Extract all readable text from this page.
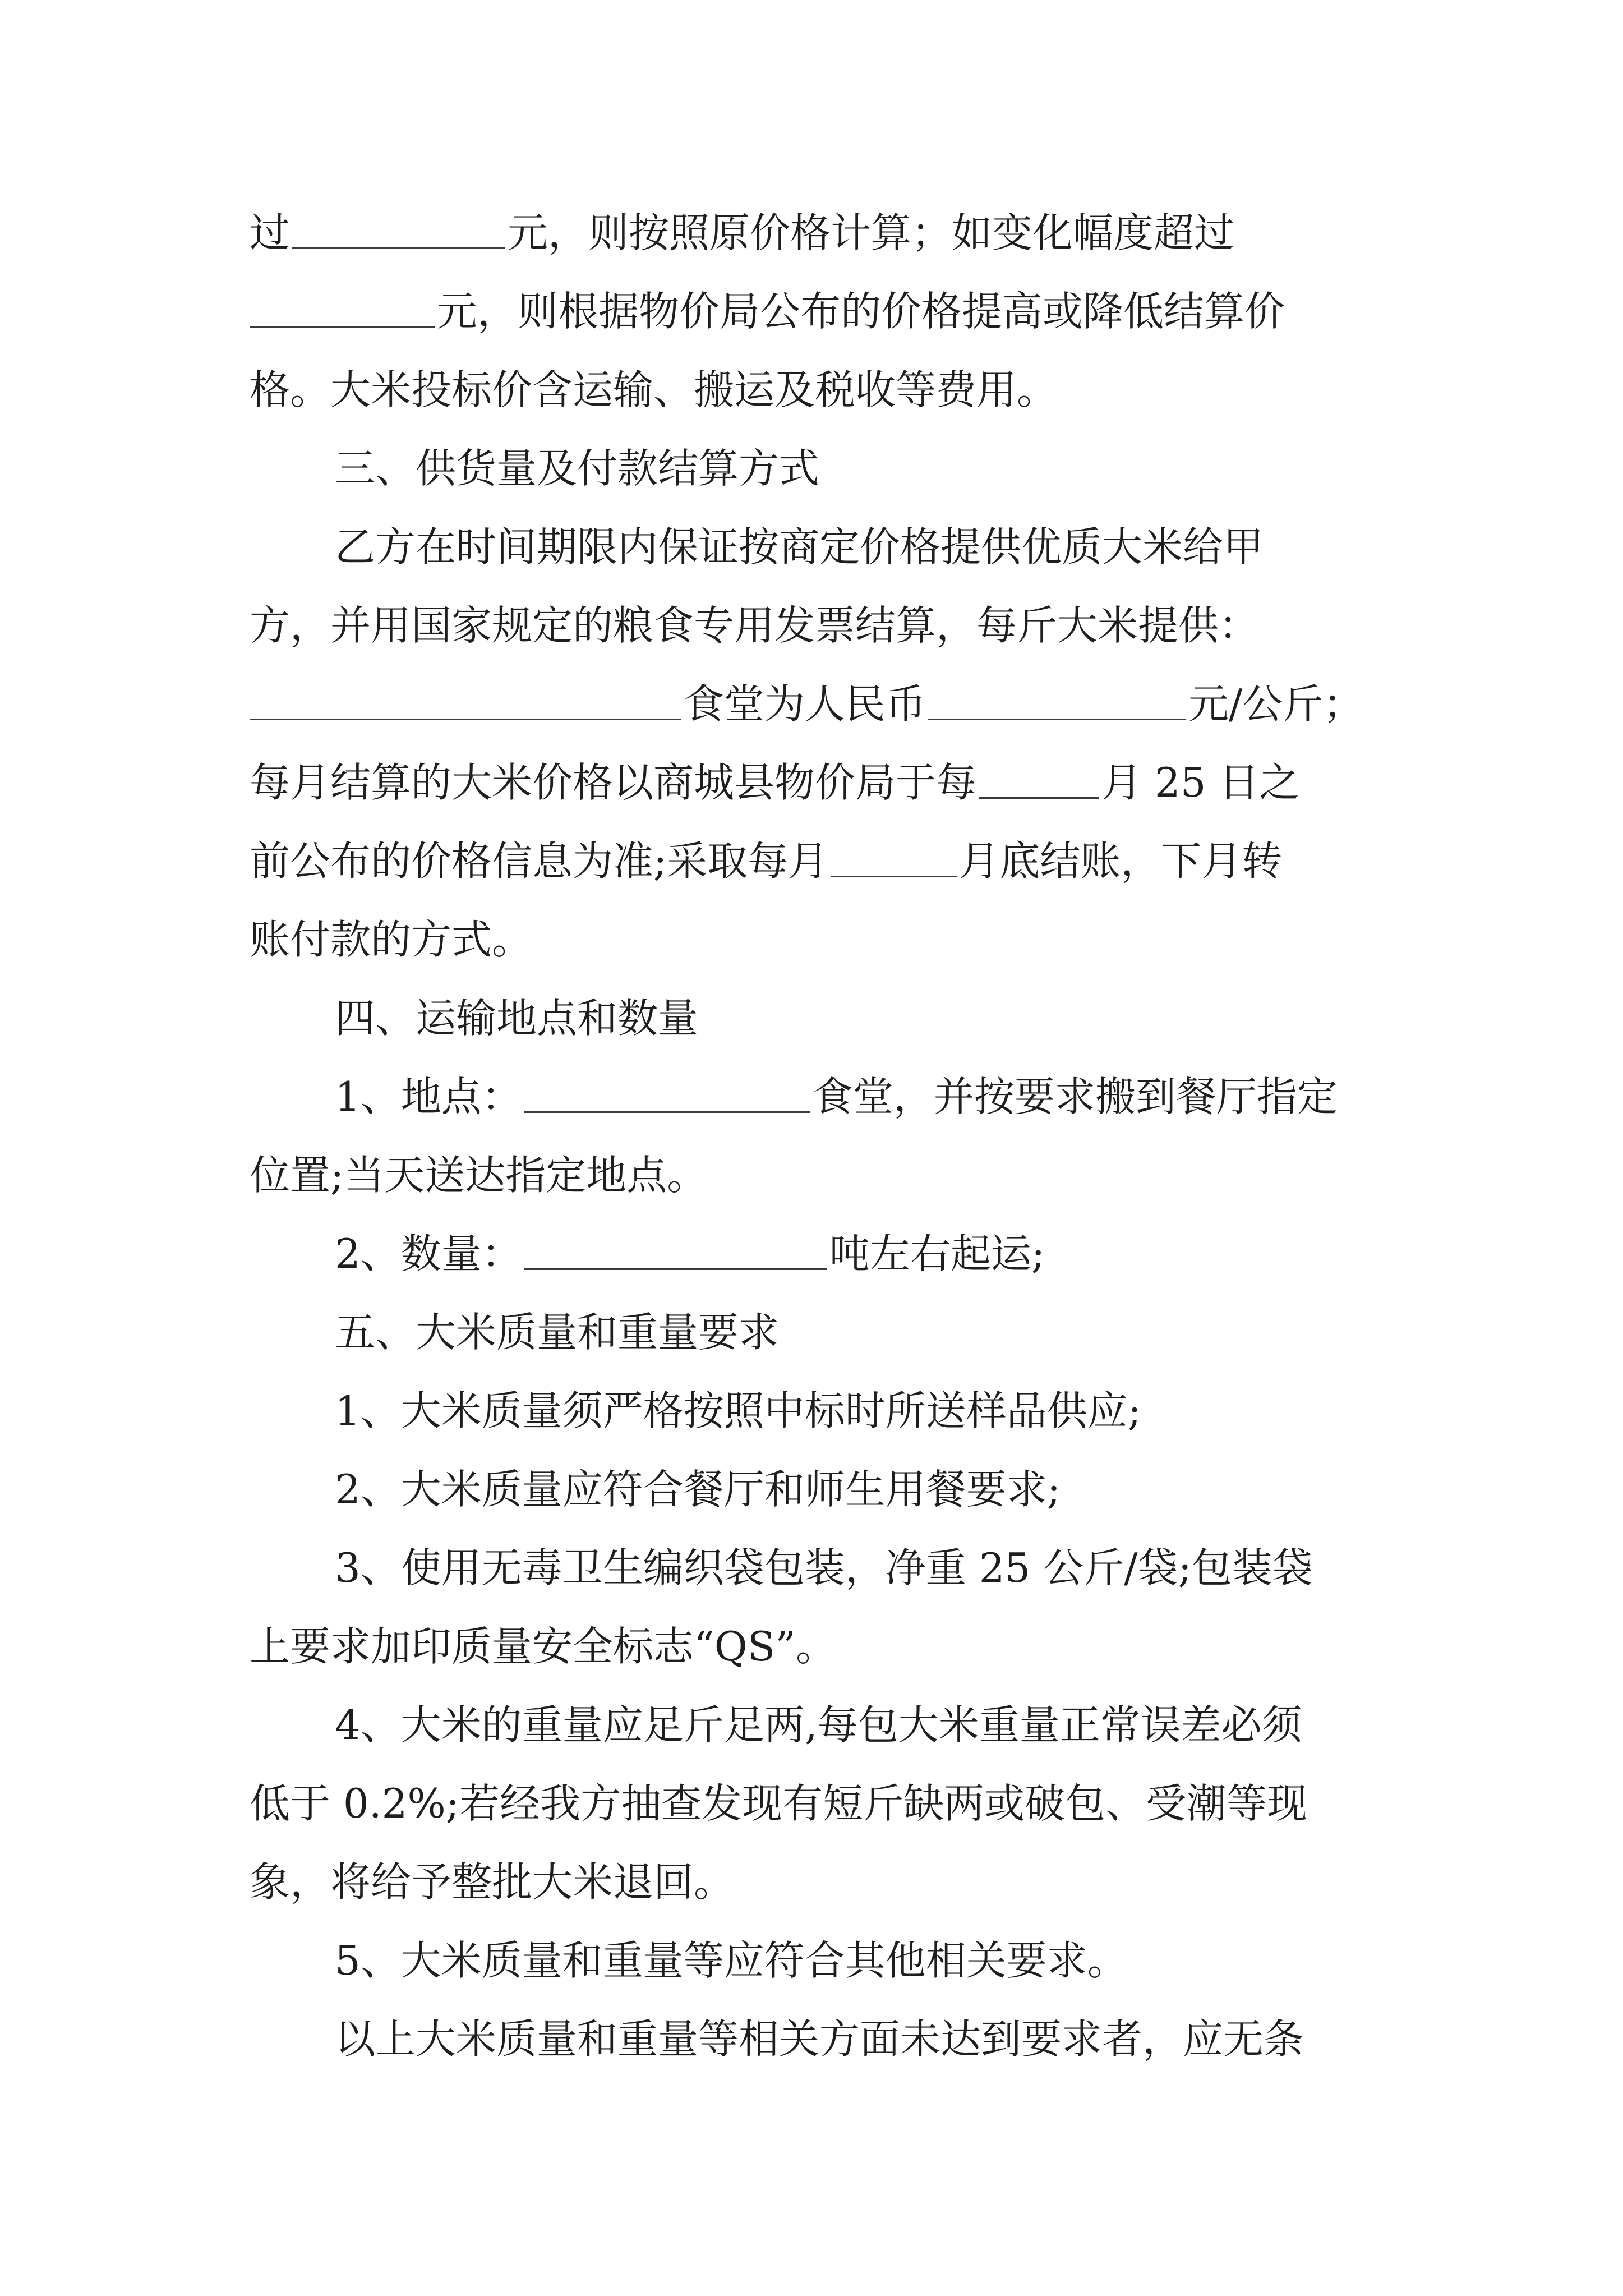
过	元，则按照原价格计算；如变化幅度超过
元，则根据物价局公布的价格提高或降低结算价
格。大米投标价含运输、搬运及税收等费用。
三、供货量及付款结算方式
乙方在时间期限内保证按商定价格提供优质大米给甲
方，并用国家规定的粮食专用发票结算，每斤大米提供：
食堂为人民币	元/公斤；
每月结算的大米价格以商城县物价局于每	月 25 日之
前公布的价格信息为准;采取每月	月底结账，下月转
账付款的方式。
四、运输地点和数量
1、地点：	食堂，并按要求搬到餐厅指定
位置;当天送达指定地点。
2、数量：	吨左右起运;
五、大米质量和重量要求
1、大米质量须严格按照中标时所送样品供应;
2、大米质量应符合餐厅和师生用餐要求;
3、使用无毒卫生编织袋包装，净重 25 公斤/袋;包装袋
上要求加印质量安全标志“QS”。
4、大米的重量应足斤足两,每包大米重量正常误差必须
低于 0.2%;若经我方抽查发现有短斤缺两或破包、受潮等现
象，将给予整批大米退回。
5、大米质量和重量等应符合其他相关要求。
以上大米质量和重量等相关方面未达到要求者，应无条
